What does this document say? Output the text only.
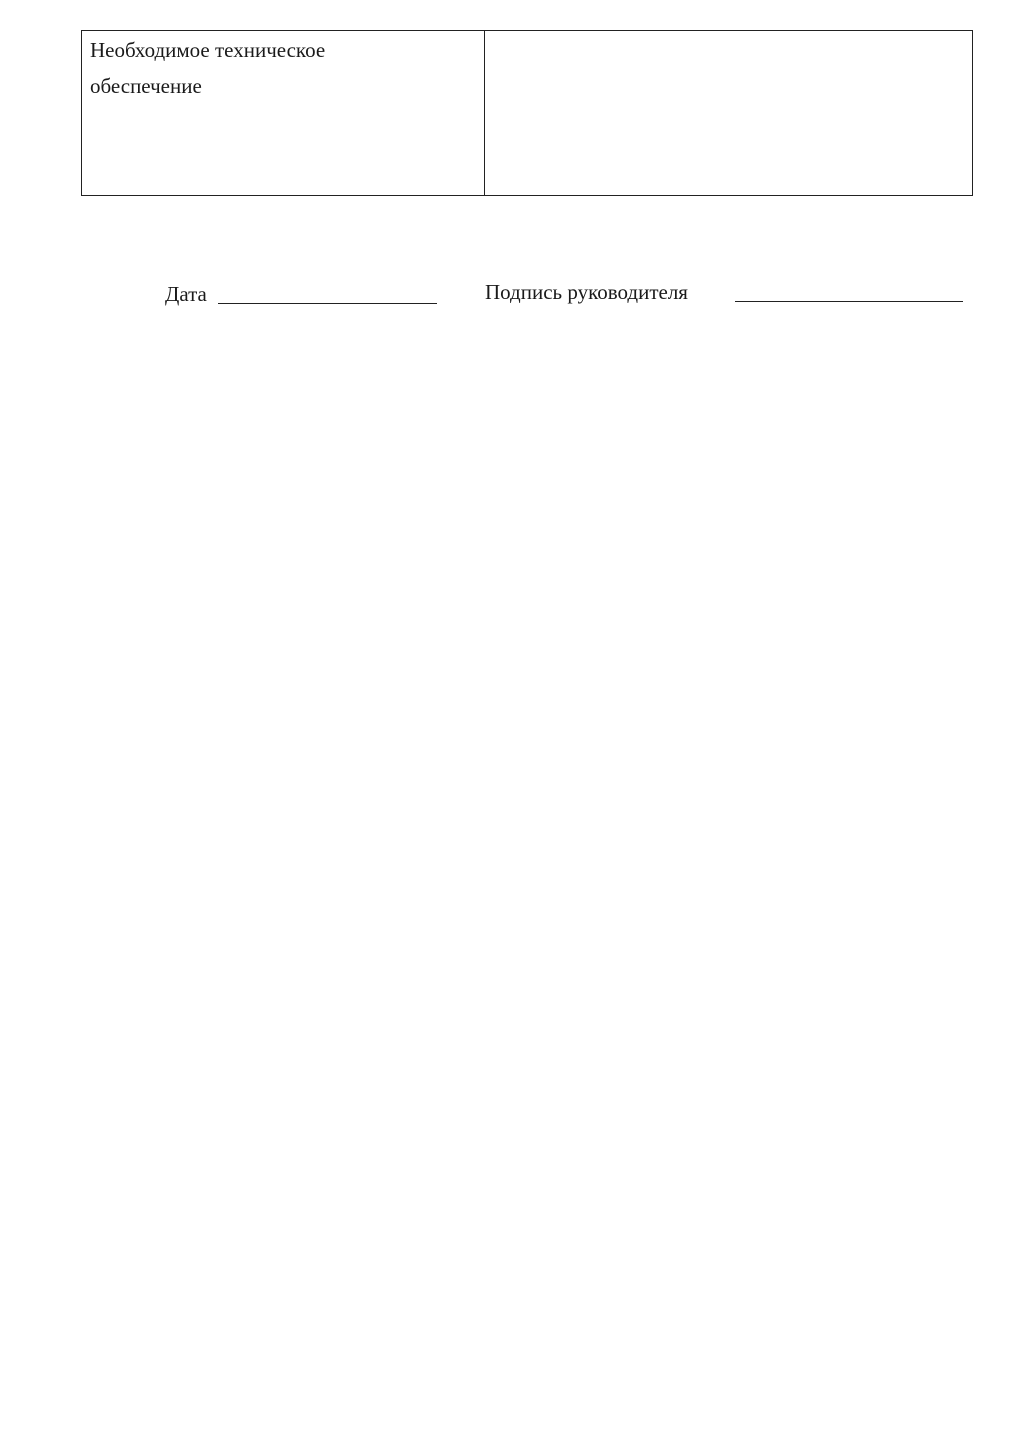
Необходимое техническое
обеспечение
Дата	Подпись руководителя
